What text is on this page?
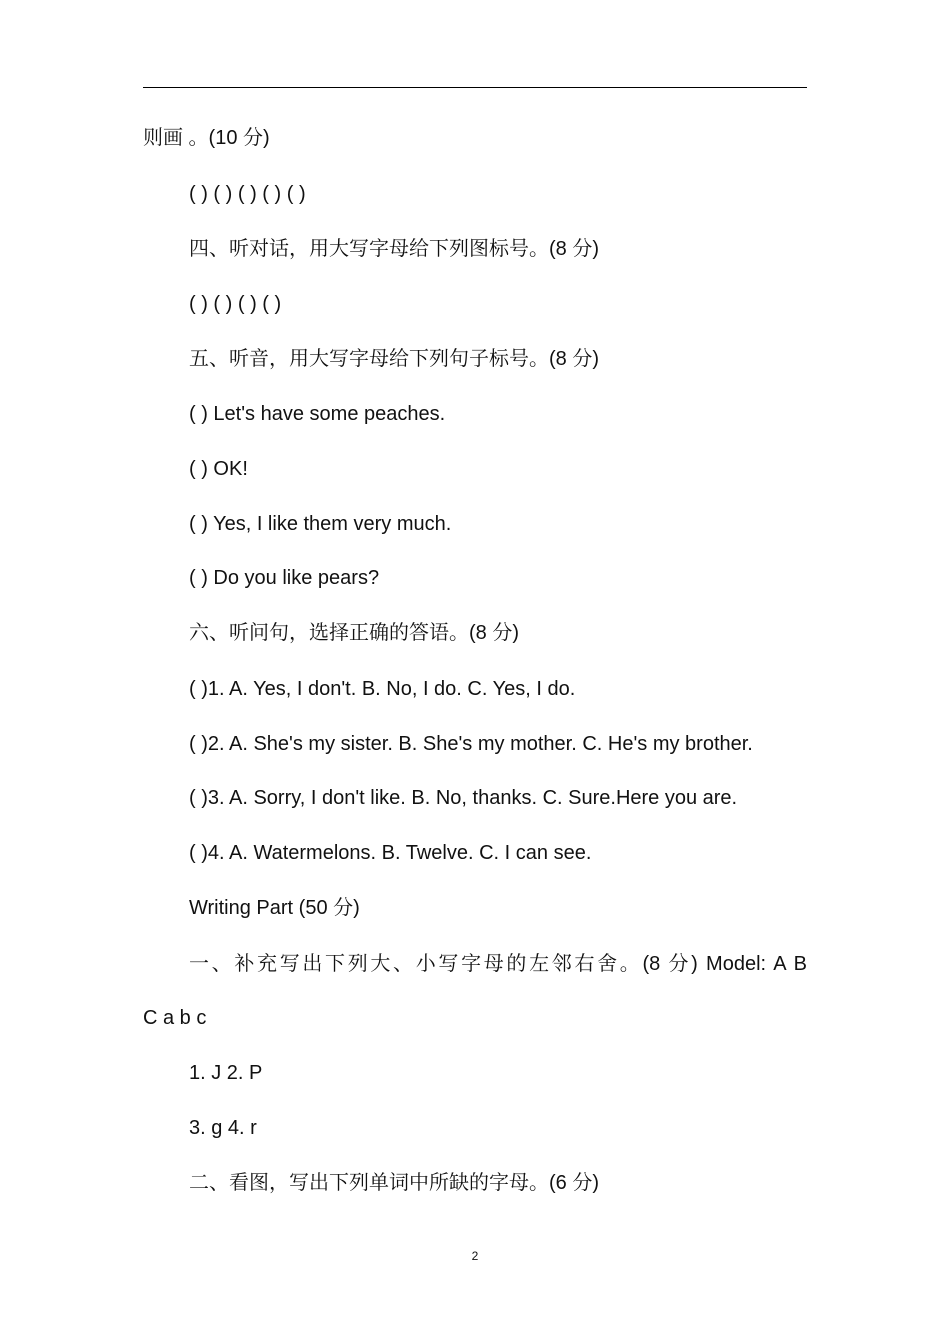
则画 。(10 分)
( ) ( ) ( ) ( ) ( )
四、听对话，用大写字母给下列图标号。(8 分)
( ) ( ) ( ) ( )
五、听音，用大写字母给下列句子标号。(8 分)
( ) Let's have some peaches.
( ) OK!
( ) Yes, I like them very much.
( ) Do you like pears?
六、听问句，选择正确的答语。(8 分)
( )1. A. Yes, I don't. B. No, I do. C. Yes, I do.
( )2. A. She's my sister. B. She's my mother. C. He's my brother.
( )3. A. Sorry, I don't like. B. No, thanks. C. Sure.Here you are.
( )4. A. Watermelons. B. Twelve. C. I can see.
Writing Part (50 分)
一、补充写出下列大、小写字母的左邻右舍。(8 分) Model: A B
C a b c
1. J 2. P
3. g 4. r
二、看图，写出下列单词中所缺的字母。(6 分)
2
